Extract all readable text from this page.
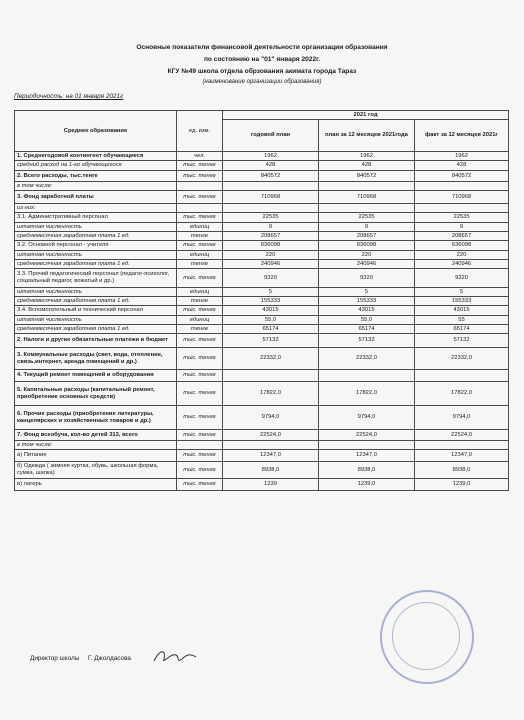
Основные показатели финансовой деятельности организации образования
по состоянию на "01" января 2022г.
КГУ №49 школа отдела обрзования акимата города Тараз
(наименование организации образования)
Периодичность: на 01 января 2021г
Среднее образование	ед. изм.	2021 год		
		годовой план	план за 12 месяцев 2021года	факт за 12 месяцев 2021г
1. Среднегодовой контингент обучающиеся	чел.	1962	1962	1962
средний расход на 1-го обучающегося	тыс. тенге	428	428	428
2. Всего расходы, тыс.тенге	тыс. тенге	840572	840572	840572
в том числе:				
3. Фонд заработной платы	тыс. тенге	710968	710968	710968
из них:				
3.1. Административный персонал	тыс. тенге	22535	22535	22535
штатная численность	единиц	9	9	9
среднемесячная заработная плата 1 ед.	тенге	208657	208657	208657
3.2. Основной персонал - учителя	тыс. тенге	636098	636098	636098
штатная численность	единиц	220	220	220
среднемесячная заработная плата 1 ед.	тенге	240946	240946	240946
3.3. Прочий педагогический персонал (педагог-психолог, социальный педагог, вожатый и др.)	тыс. тенге	9320	9320	9320
штатная численность	единиц	5	5	5
среднемесячная заработная плата 1 ед.	тенге	155333	155333	155333
3.4. Вспомогательный и технический персонал	тыс. тенге	43015	43015	43015
штатная численность	единиц	55,0	55,0	55
среднемесячная заработная плата 1 ед.	тенге	65174	65174	65174
2. Налоги и другие обязательные платежи в бюджет	тыс. тенге	57132	57132	57132
3. Коммунальные расходы (свет, вода, отопление, связь,интернет, аренда помещений и др.)	тыс. тенге	22332,0	22332,0	22332,0
4. Текущий ремонт помещений и оборудования	тыс. тенге			
5. Капитальные расходы (капитальный ремонт, приобретение основных средств)	тыс. тенге	17822,0	17822,0	17822,0
6. Прочие расходы (приобретение литературы, канцелярских и хозяйственных товаров и др.)	тыс. тенге	9794,0	9794,0	9794,0
7. Фонд всеобуча, кол-во детей 313, всего	тыс. тенге	22524,0	22524,0	22524,0
в том числе:				
а) Питание	тыс. тенге	12347,0	12347,0	12347,0
б) Одежда ( зимняя куртка, обувь, школьная форма, сумка, шапка)	тыс. тенге	8938,0	8938,0	8938,0
в) лагерь	тыс. тенге	1239	1239,0	1239,0
Директор школы Г. Джолдасова
